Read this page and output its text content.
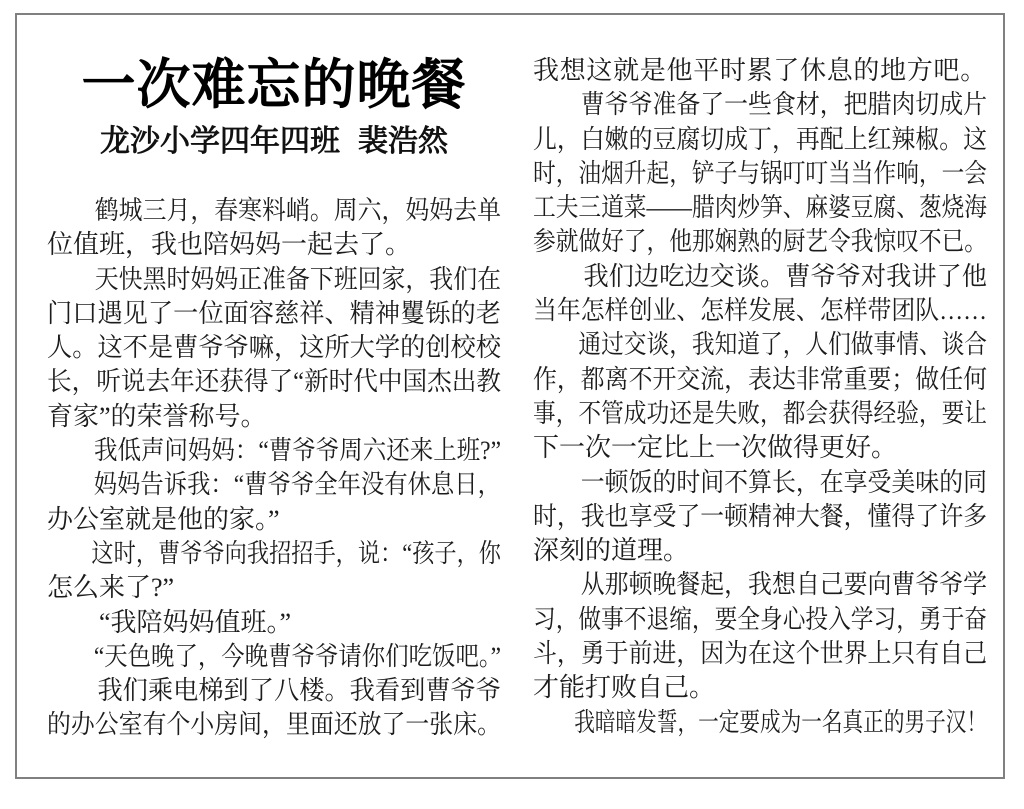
一次难忘的晚餐
龙沙小学四年四班 裴浩然
　　鹤城三月，春寒料峭。周六，妈妈去单
位值班，我也陪妈妈一起去了。
　　天快黑时妈妈正准备下班回家，我们在
门口遇见了一位面容慈祥、精神矍铄的老
人。这不是曹爷爷嘛，这所大学的创校校
长，听说去年还获得了“新时代中国杰出教
育家”的荣誉称号。
　　我低声问妈妈：“曹爷爷周六还来上班?”
　　妈妈告诉我：“曹爷爷全年没有休息日，
办公室就是他的家。”
　　这时，曹爷爷向我招招手，说：“孩子，你
怎么来了?”
　　“我陪妈妈值班。”
　　“天色晚了，今晚曹爷爷请你们吃饭吧。”
　　我们乘电梯到了八楼。我看到曹爷爷
的办公室有个小房间，里面还放了一张床。
我想这就是他平时累了休息的地方吧。
　　曹爷爷准备了一些食材，把腊肉切成片
儿，白嫩的豆腐切成丁，再配上红辣椒。这
时，油烟升起，铲子与锅叮叮当当作响，一会
工夫三道菜——腊肉炒笋、麻婆豆腐、葱烧海
参就做好了，他那娴熟的厨艺令我惊叹不已。
　　我们边吃边交谈。曹爷爷对我讲了他
当年怎样创业、怎样发展、怎样带团队……
　　通过交谈，我知道了，人们做事情、谈合
作，都离不开交流，表达非常重要；做任何
事，不管成功还是失败，都会获得经验，要让
下一次一定比上一次做得更好。
　　一顿饭的时间不算长，在享受美味的同
时，我也享受了一顿精神大餐，懂得了许多
深刻的道理。
　　从那顿晚餐起，我想自己要向曹爷爷学
习，做事不退缩，要全身心投入学习，勇于奋
斗，勇于前进，因为在这个世界上只有自己
才能打败自己。
　　我暗暗发誓，一定要成为一名真正的男子汉！
